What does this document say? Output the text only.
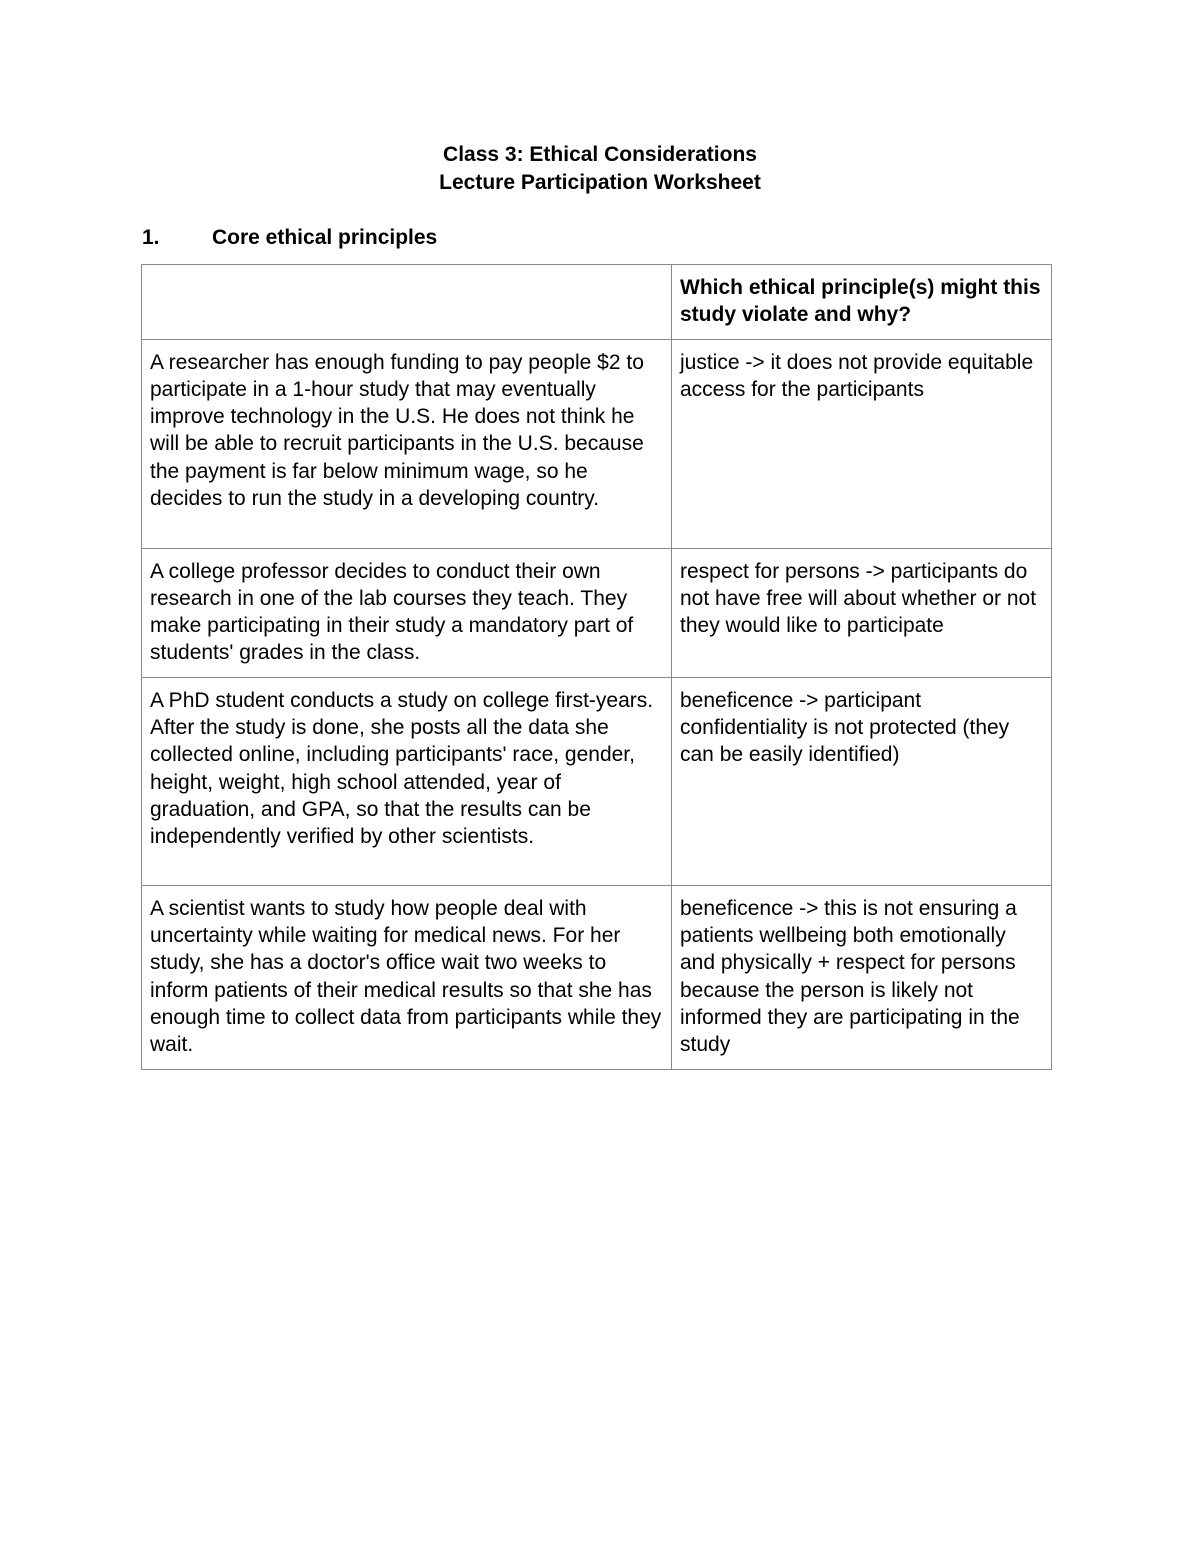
Class 3: Ethical Considerations
Lecture Participation Worksheet
1. Core ethical principles
	Which ethical principle(s) might this study violate and why?
A researcher has enough funding to pay people $2 to participate in a 1-hour study that may eventually improve technology in the U.S. He does not think he will be able to recruit participants in the U.S. because the payment is far below minimum wage, so he decides to run the study in a developing country.	justice -> it does not provide equitable access for the participants
A college professor decides to conduct their own research in one of the lab courses they teach. They make participating in their study a mandatory part of students' grades in the class.	respect for persons -> participants do not have free will about whether or not they would like to participate
A PhD student conducts a study on college first-years. After the study is done, she posts all the data she collected online, including participants' race, gender, height, weight, high school attended, year of graduation, and GPA, so that the results can be independently verified by other scientists.	beneficence -> participant confidentiality is not protected (they can be easily identified)
A scientist wants to study how people deal with uncertainty while waiting for medical news. For her study, she has a doctor's office wait two weeks to inform patients of their medical results so that she has enough time to collect data from participants while they wait.	beneficence -> this is not ensuring a patients wellbeing both emotionally and physically + respect for persons because the person is likely not informed they are participating in the study
